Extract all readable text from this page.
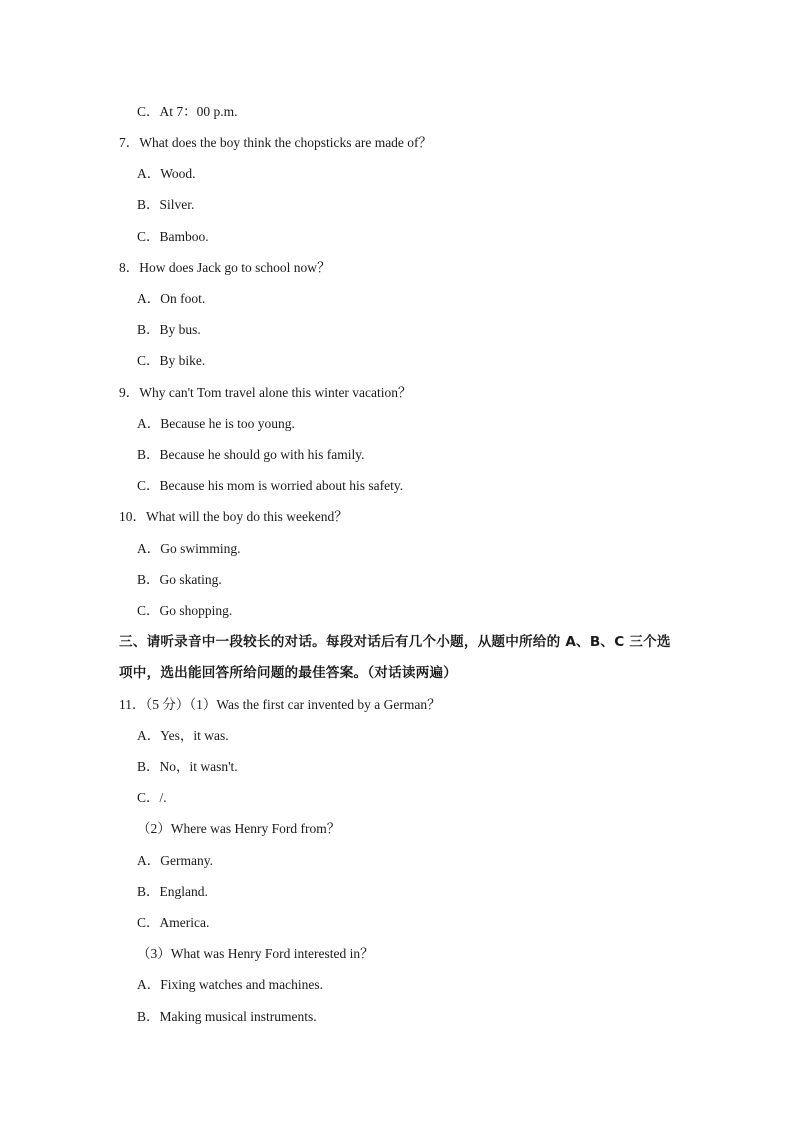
C．At 7：00 p.m.
7．What does the boy think the chopsticks are made of？
A．Wood.
B．Silver.
C．Bamboo.
8．How does Jack go to school now？
A．On foot.
B．By bus.
C．By bike.
9．Why can't Tom travel alone this winter vacation？
A．Because he is too young.
B．Because he should go with his family.
C．Because his mom is worried about his safety.
10．What will the boy do this weekend？
A．Go swimming.
B．Go skating.
C．Go shopping.
三、请听录音中一段较长的对话。每段对话后有几个小题，从题中所给的 A、B、C 三个选
项中，选出能回答所给问题的最佳答案。（对话读两遍）
11．（5 分）（1）Was the first car invented by a German？
A．Yes，it was.
B．No，it wasn't.
C．/.
（2）Where was Henry Ford from？
A．Germany.
B．England.
C．America.
（3）What was Henry Ford interested in？
A．Fixing watches and machines.
B．Making musical instruments.
